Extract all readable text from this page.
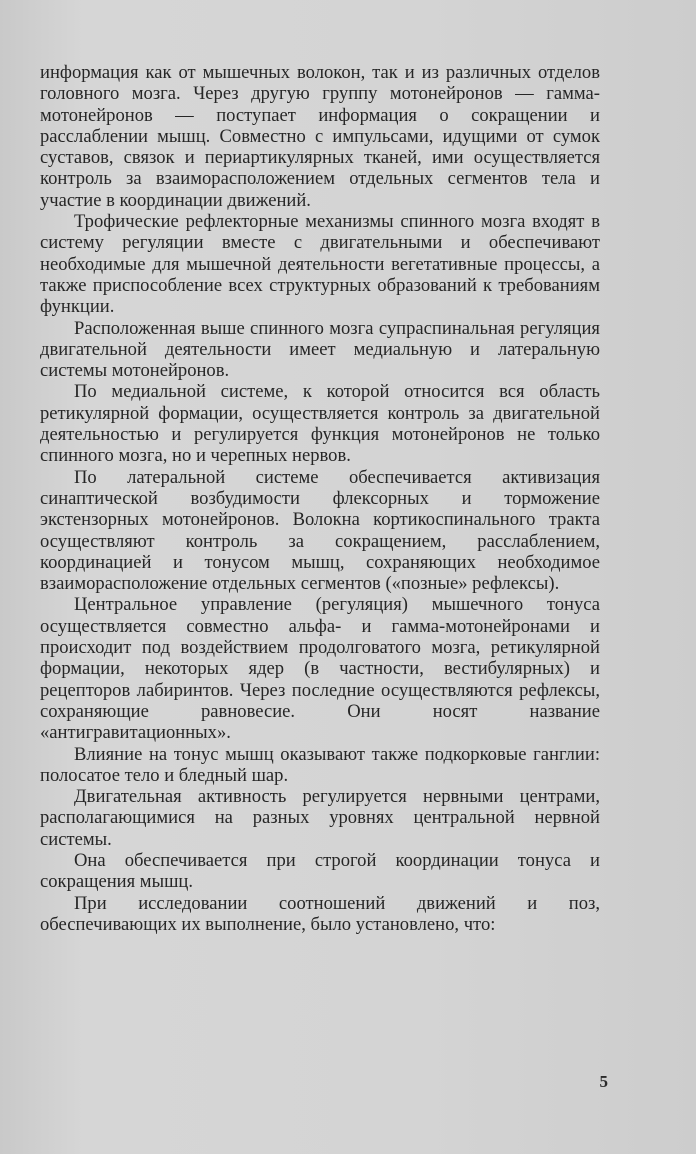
информация как от мышечных волокон, так и из различных отделов головного мозга. Через другую группу мотонейронов — гамма-мотонейронов — поступает информация о сокращении и расслаблении мышц. Совместно с импульсами, идущими от сумок суставов, связок и периартикулярных тканей, ими осуществляется контроль за взаиморасположением отдельных сегментов тела и участие в координации движений.

Трофические рефлекторные механизмы спинного мозга входят в систему регуляции вместе с двигательными и обеспечивают необходимые для мышечной деятельности вегетативные процессы, а также приспособление всех структурных образований к требованиям функции.

Расположенная выше спинного мозга супраспинальная регуляция двигательной деятельности имеет медиальную и латеральную системы мотонейронов.

По медиальной системе, к которой относится вся область ретикулярной формации, осуществляется контроль за двигательной деятельностью и регулируется функция мотонейронов не только спинного мозга, но и черепных нервов.

По латеральной системе обеспечивается активизация синаптической возбудимости флексорных и торможение экстензорных мотонейронов. Волокна кортикоспинального тракта осуществляют контроль за сокращением, расслаблением, координацией и тонусом мышц, сохраняющих необходимое взаиморасположение отдельных сегментов («позные» рефлексы).

Центральное управление (регуляция) мышечного тонуса осуществляется совместно альфа- и гамма-мотонейронами и происходит под воздействием продолговатого мозга, ретикулярной формации, некоторых ядер (в частности, вестибулярных) и рецепторов лабиринтов. Через последние осуществляются рефлексы, сохраняющие равновесие. Они носят название «антигравитационных».

Влияние на тонус мышц оказывают также подкорковые ганглии: полосатое тело и бледный шар.

Двигательная активность регулируется нервными центрами, располагающимися на разных уровнях центральной нервной системы.

Она обеспечивается при строгой координации тонуса и сокращения мышц.

При исследовании соотношений движений и поз, обеспечивающих их выполнение, было установлено, что:

5
